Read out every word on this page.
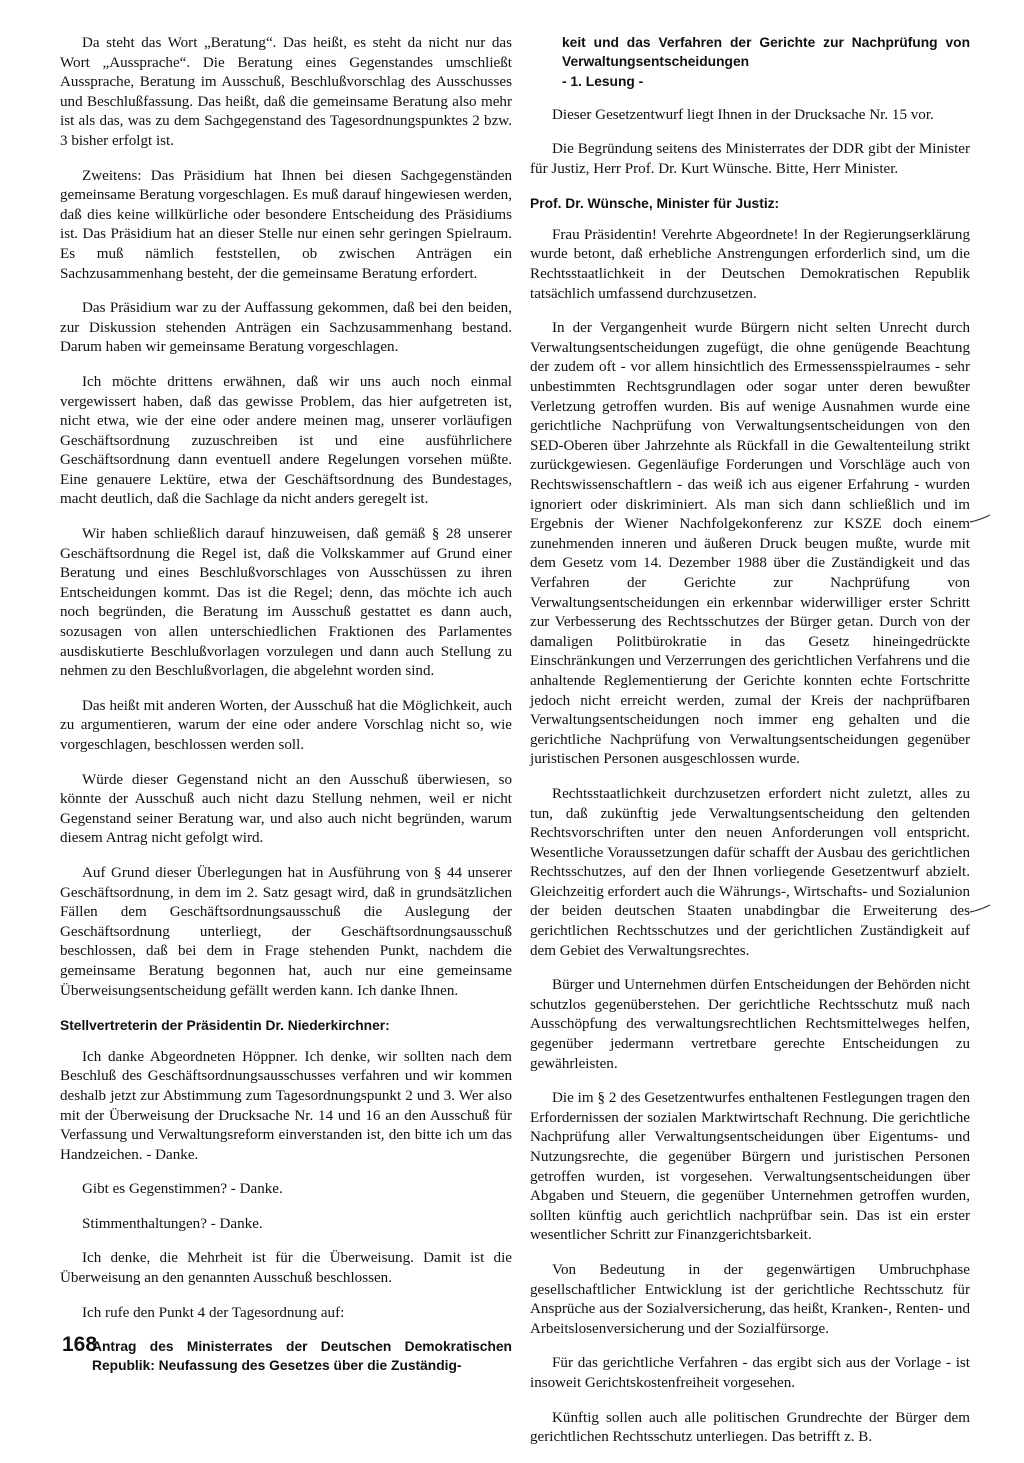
Da steht das Wort „Beratung“. Das heißt, es steht da nicht nur das Wort „Aussprache“. Die Beratung eines Gegenstandes umschließt Aussprache, Beratung im Ausschuß, Beschlußvorschlag des Ausschusses und Beschlußfassung. Das heißt, daß die gemeinsame Beratung also mehr ist als das, was zu dem Sachgegenstand des Tagesordnungspunktes 2 bzw. 3 bisher erfolgt ist.

Zweitens: Das Präsidium hat Ihnen bei diesen Sachgegenständen gemeinsame Beratung vorgeschlagen. Es muß darauf hingewiesen werden, daß dies keine willkürliche oder besondere Entscheidung des Präsidiums ist. Das Präsidium hat an dieser Stelle nur einen sehr geringen Spielraum. Es muß nämlich feststellen, ob zwischen Anträgen ein Sachzusammenhang besteht, der die gemeinsame Beratung erfordert.

Das Präsidium war zu der Auffassung gekommen, daß bei den beiden, zur Diskussion stehenden Anträgen ein Sachzusammenhang bestand. Darum haben wir gemeinsame Beratung vorgeschlagen.

Ich möchte drittens erwähnen, daß wir uns auch noch einmal vergewissert haben, daß das gewisse Problem, das hier aufgetreten ist, nicht etwa, wie der eine oder andere meinen mag, unserer vorläufigen Geschäftsordnung zuzuschreiben ist und eine ausführlichere Geschäftsordnung dann eventuell andere Regelungen vorsehen müßte. Eine genauere Lektüre, etwa der Geschäftsordnung des Bundestages, macht deutlich, daß die Sachlage da nicht anders geregelt ist.

Wir haben schließlich darauf hinzuweisen, daß gemäß § 28 unserer Geschäftsordnung die Regel ist, daß die Volkskammer auf Grund einer Beratung und eines Beschlußvorschlages von Ausschüssen zu ihren Entscheidungen kommt. Das ist die Regel; denn, das möchte ich auch noch begründen, die Beratung im Ausschuß gestattet es dann auch, sozusagen von allen unterschiedlichen Fraktionen des Parlamentes ausdiskutierte Beschlußvorlagen vorzulegen und dann auch Stellung zu nehmen zu den Beschlußvorlagen, die abgelehnt worden sind.

Das heißt mit anderen Worten, der Ausschuß hat die Möglichkeit, auch zu argumentieren, warum der eine oder andere Vorschlag nicht so, wie vorgeschlagen, beschlossen werden soll.

Würde dieser Gegenstand nicht an den Ausschuß überwiesen, so könnte der Ausschuß auch nicht dazu Stellung nehmen, weil er nicht Gegenstand seiner Beratung war, und also auch nicht begründen, warum diesem Antrag nicht gefolgt wird.

Auf Grund dieser Überlegungen hat in Ausführung von § 44 unserer Geschäftsordnung, in dem im 2. Satz gesagt wird, daß in grundsätzlichen Fällen dem Geschäftsordnungsausschuß die Auslegung der Geschäftsordnung unterliegt, der Geschäftsordnungsausschuß beschlossen, daß bei dem in Frage stehenden Punkt, nachdem die gemeinsame Beratung begonnen hat, auch nur eine gemeinsame Überweisungsentscheidung gefällt werden kann. Ich danke Ihnen.

Stellvertreterin der Präsidentin Dr. Niederkirchner:

Ich danke Abgeordneten Höppner. Ich denke, wir sollten nach dem Beschluß des Geschäftsordnungsausschusses verfahren und wir kommen deshalb jetzt zur Abstimmung zum Tagesordnungspunkt 2 und 3. Wer also mit der Überweisung der Drucksache Nr. 14 und 16 an den Ausschuß für Verfassung und Verwaltungsreform einverstanden ist, den bitte ich um das Handzeichen. - Danke.

Gibt es Gegenstimmen? - Danke.

Stimmenthaltungen? - Danke.

Ich denke, die Mehrheit ist für die Überweisung. Damit ist die Überweisung an den genannten Ausschuß beschlossen.

Ich rufe den Punkt 4 der Tagesordnung auf:

Antrag des Ministerrates der Deutschen Demokratischen Republik: Neufassung des Gesetzes über die Zuständig-

keit und das Verfahren der Gerichte zur Nachprüfung von Verwaltungsentscheidungen

- 1. Lesung -

Dieser Gesetzentwurf liegt Ihnen in der Drucksache Nr. 15 vor.

Die Begründung seitens des Ministerrates der DDR gibt der Minister für Justiz, Herr Prof. Dr. Kurt Wünsche. Bitte, Herr Minister.

Prof. Dr. Wünsche, Minister für Justiz:

Frau Präsidentin! Verehrte Abgeordnete! In der Regierungserklärung wurde betont, daß erhebliche Anstrengungen erforderlich sind, um die Rechtsstaatlichkeit in der Deutschen Demokratischen Republik tatsächlich umfassend durchzusetzen.

In der Vergangenheit wurde Bürgern nicht selten Unrecht durch Verwaltungsentscheidungen zugefügt, die ohne genügende Beachtung der zudem oft - vor allem hinsichtlich des Ermessensspielraumes - sehr unbestimmten Rechtsgrundlagen oder sogar unter deren bewußter Verletzung getroffen wurden. Bis auf wenige Ausnahmen wurde eine gerichtliche Nachprüfung von Verwaltungsentscheidungen von den SED-Oberen über Jahrzehnte als Rückfall in die Gewaltenteilung strikt zurückgewiesen. Gegenläufige Forderungen und Vorschläge auch von Rechtswissenschaftlern - das weiß ich aus eigener Erfahrung - wurden ignoriert oder diskriminiert. Als man sich dann schließlich und im Ergebnis der Wiener Nachfolgekonferenz zur KSZE doch einem zunehmenden inneren und äußeren Druck beugen mußte, wurde mit dem Gesetz vom 14. Dezember 1988 über die Zuständigkeit und das Verfahren der Gerichte zur Nachprüfung von Verwaltungsentscheidungen ein erkennbar widerwilliger erster Schritt zur Verbesserung des Rechtsschutzes der Bürger getan. Durch von der damaligen Politbürokratie in das Gesetz hineingedrückte Einschränkungen und Verzerrungen des gerichtlichen Verfahrens und die anhaltende Reglementierung der Gerichte konnten echte Fortschritte jedoch nicht erreicht werden, zumal der Kreis der nachprüfbaren Verwaltungsentscheidungen noch immer eng gehalten und die gerichtliche Nachprüfung von Verwaltungsentscheidungen gegenüber juristischen Personen ausgeschlossen wurde.

Rechtsstaatlichkeit durchzusetzen erfordert nicht zuletzt, alles zu tun, daß zukünftig jede Verwaltungsentscheidung den geltenden Rechtsvorschriften unter den neuen Anforderungen voll entspricht. Wesentliche Voraussetzungen dafür schafft der Ausbau des gerichtlichen Rechtsschutzes, auf den der Ihnen vorliegende Gesetzentwurf abzielt. Gleichzeitig erfordert auch die Währungs-, Wirtschafts- und Sozialunion der beiden deutschen Staaten unabdingbar die Erweiterung des gerichtlichen Rechtsschutzes und der gerichtlichen Zuständigkeit auf dem Gebiet des Verwaltungsrechtes.

Bürger und Unternehmen dürfen Entscheidungen der Behörden nicht schutzlos gegenüberstehen. Der gerichtliche Rechtsschutz muß nach Ausschöpfung des verwaltungsrechtlichen Rechtsmittelweges helfen, gegenüber jedermann vertretbare gerechte Entscheidungen zu gewährleisten.

Die im § 2 des Gesetzentwurfes enthaltenen Festlegungen tragen den Erfordernissen der sozialen Marktwirtschaft Rechnung. Die gerichtliche Nachprüfung aller Verwaltungsentscheidungen über Eigentums- und Nutzungsrechte, die gegenüber Bürgern und juristischen Personen getroffen wurden, ist vorgesehen. Verwaltungsentscheidungen über Abgaben und Steuern, die gegenüber Unternehmen getroffen wurden, sollten künftig auch gerichtlich nachprüfbar sein. Das ist ein erster wesentlicher Schritt zur Finanzgerichtsbarkeit.

Von Bedeutung in der gegenwärtigen Umbruchphase gesellschaftlicher Entwicklung ist der gerichtliche Rechtsschutz für Ansprüche aus der Sozialversicherung, das heißt, Kranken-, Renten- und Arbeitslosenversicherung und der Sozialfürsorge.

Für das gerichtliche Verfahren - das ergibt sich aus der Vorlage - ist insoweit Gerichtskostenfreiheit vorgesehen.

Künftig sollen auch alle politischen Grundrechte der Bürger dem gerichtlichen Rechtsschutz unterliegen. Das betrifft z. B.

168
